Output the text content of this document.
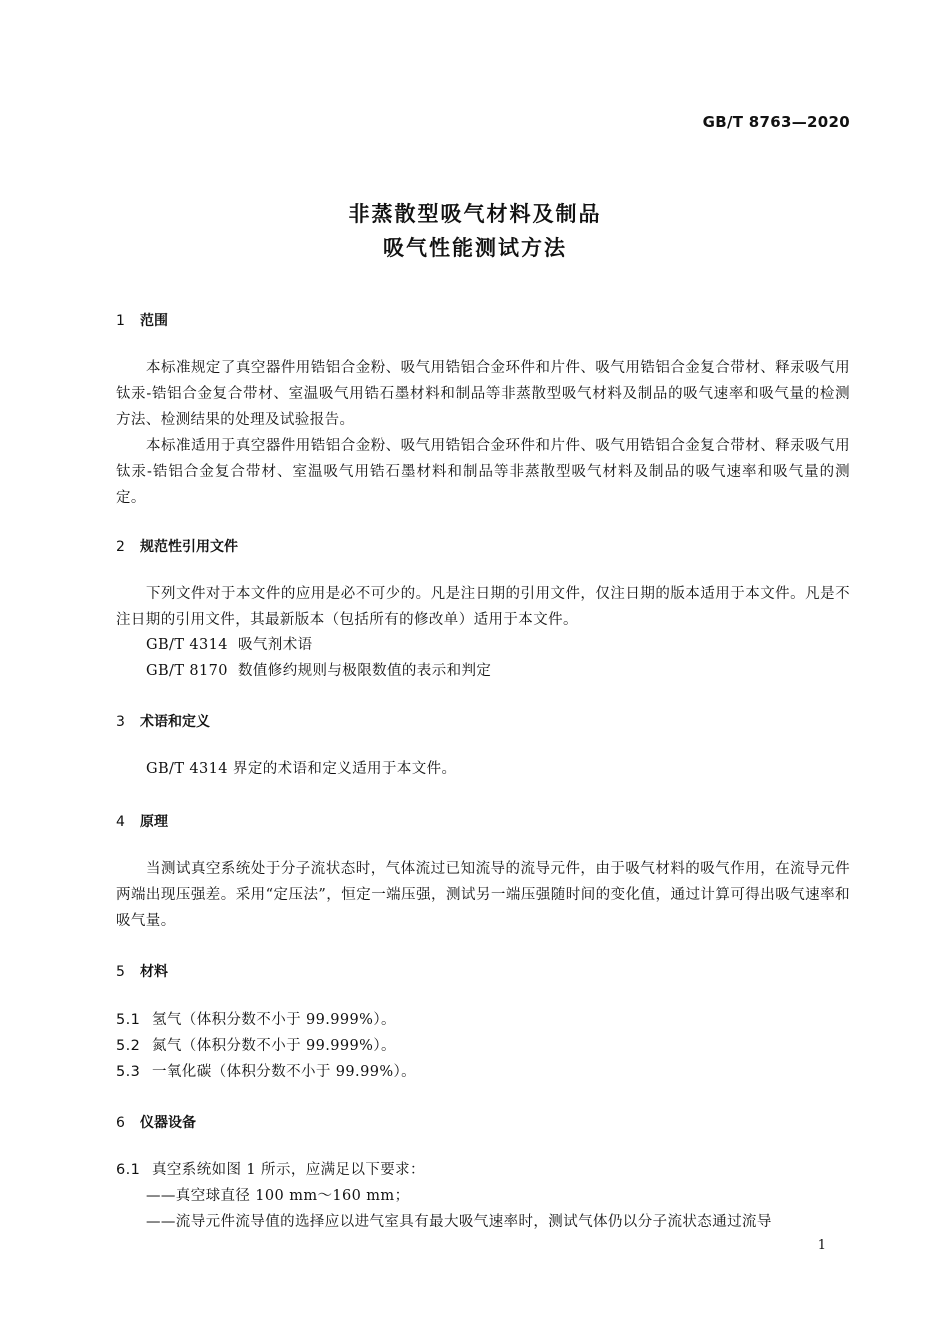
GB/T 8763—2020
非蒸散型吸气材料及制品
吸气性能测试方法
1 范围
本标准规定了真空器件用锆铝合金粉、吸气用锆铝合金环件和片件、吸气用锆铝合金复合带材、释汞吸气用钛汞-锆铝合金复合带材、室温吸气用锆石墨材料和制品等非蒸散型吸气材料及制品的吸气速率和吸气量的检测方法、检测结果的处理及试验报告。
本标准适用于真空器件用锆铝合金粉、吸气用锆铝合金环件和片件、吸气用锆铝合金复合带材、释汞吸气用钛汞-锆铝合金复合带材、室温吸气用锆石墨材料和制品等非蒸散型吸气材料及制品的吸气速率和吸气量的测定。
2 规范性引用文件
下列文件对于本文件的应用是必不可少的。凡是注日期的引用文件，仅注日期的版本适用于本文件。凡是不注日期的引用文件，其最新版本（包括所有的修改单）适用于本文件。
GB/T 4314 吸气剂术语
GB/T 8170 数值修约规则与极限数值的表示和判定
3 术语和定义
GB/T 4314 界定的术语和定义适用于本文件。
4 原理
当测试真空系统处于分子流状态时，气体流过已知流导的流导元件，由于吸气材料的吸气作用，在流导元件两端出现压强差。采用“定压法”，恒定一端压强，测试另一端压强随时间的变化值，通过计算可得出吸气速率和吸气量。
5 材料
5.1 氢气（体积分数不小于 99.999%）。
5.2 氮气（体积分数不小于 99.999%）。
5.3 一氧化碳（体积分数不小于 99.99%）。
6 仪器设备
6.1 真空系统如图 1 所示，应满足以下要求：
——真空球直径 100 mm～160 mm；
——流导元件流导值的选择应以进气室具有最大吸气速率时，测试气体仍以分子流状态通过流导
1
